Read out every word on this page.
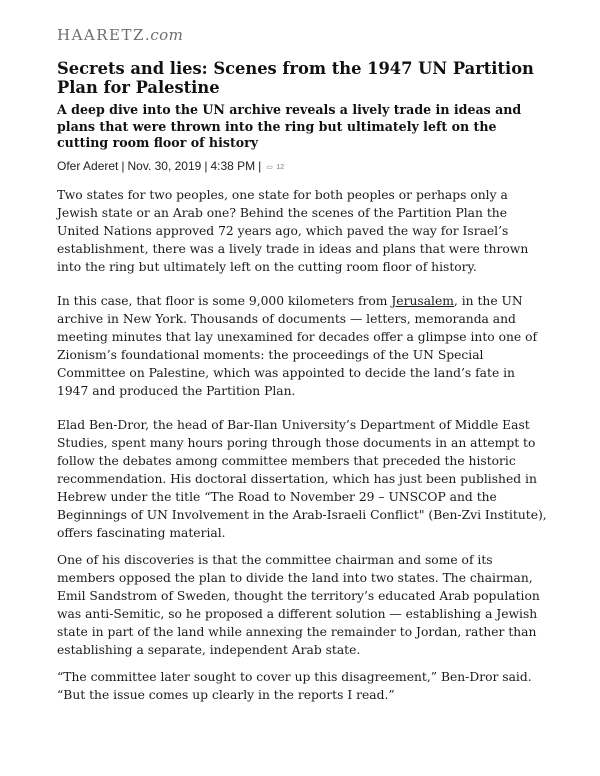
HAARETZ.com
Secrets and lies: Scenes from the 1947 UN Partition Plan for Palestine

A deep dive into the UN archive reveals a lively trade in ideas and plans that were thrown into the ring but ultimately left on the cutting room floor of history

Ofer Aderet | Nov. 30, 2019 | 4:38 PM | ▭ 12

Two states for two peoples, one state for both peoples or perhaps only a Jewish state or an Arab one? Behind the scenes of the Partition Plan the United Nations approved 72 years ago, which paved the way for Israel’s establishment, there was a lively trade in ideas and plans that were thrown into the ring but ultimately left on the cutting room floor of history.

In this case, that floor is some 9,000 kilometers from Jerusalem, in the UN archive in New York. Thousands of documents — letters, memoranda and meeting minutes that lay unexamined for decades offer a glimpse into one of Zionism’s foundational moments: the proceedings of the UN Special Committee on Palestine, which was appointed to decide the land’s fate in 1947 and produced the Partition Plan.

Elad Ben-Dror, the head of Bar-Ilan University’s Department of Middle East Studies, spent many hours poring through those documents in an attempt to follow the debates among committee members that preceded the historic recommendation. His doctoral dissertation, which has just been published in Hebrew under the title “The Road to November 29 – UNSCOP and the Beginnings of UN Involvement in the Arab-Israeli Conflict" (Ben-Zvi Institute), offers fascinating material.

One of his discoveries is that the committee chairman and some of its members opposed the plan to divide the land into two states. The chairman, Emil Sandstrom of Sweden, thought the territory’s educated Arab population was anti-Semitic, so he proposed a different solution — establishing a Jewish state in part of the land while annexing the remainder to Jordan, rather than establishing a separate, independent Arab state.

“The committee later sought to cover up this disagreement,” Ben-Dror said. “But the issue comes up clearly in the reports I read.”
